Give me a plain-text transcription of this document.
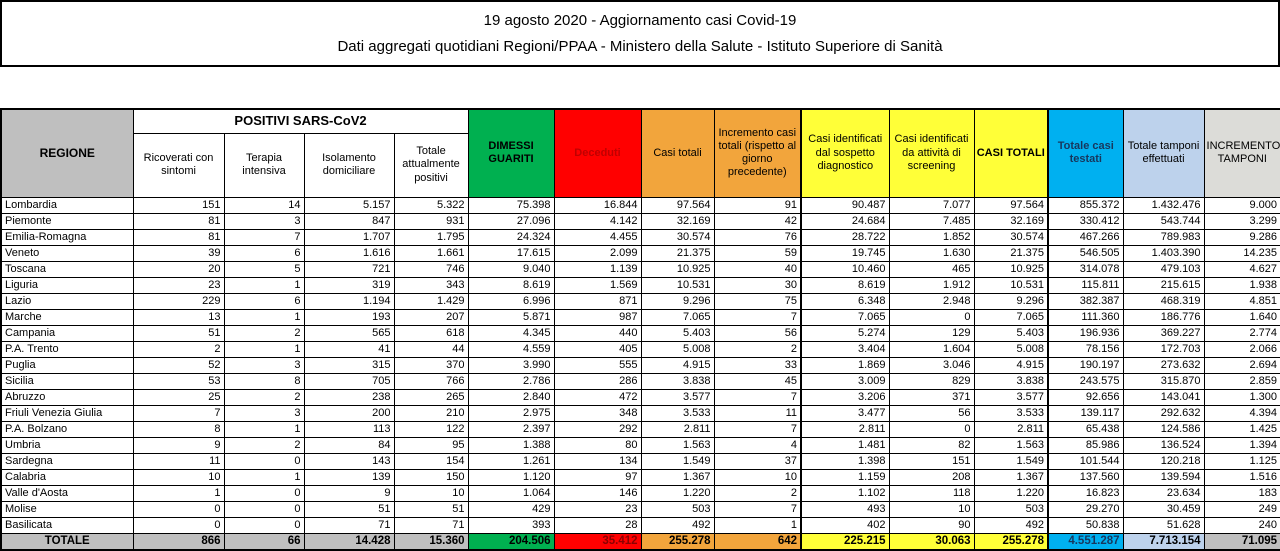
19 agosto 2020 - Aggiornamento casi Covid-19
Dati aggregati quotidiani Regioni/PPAA - Ministero della Salute - Istituto Superiore di Sanità
REGIONE	POSITIVI SARS-CoV2				DIMESSI GUARITI	Deceduti	Casi totali	Incremento casi totali (rispetto al giorno precedente)	Casi identificati dal sospetto diagnostico	Casi identificati da attività di screening	CASI TOTALI	Totale casi testati	Totale tamponi effettuati	INCREMENTO TAMPONI
	Ricoverati con sintomi	Terapia intensiva	Isolamento domiciliare	Totale attualmente positivi										
Lombardia	151	14	5.157	5.322	75.398	16.844	97.564	91	90.487	7.077	97.564	855.372	1.432.476	9.000
Piemonte	81	3	847	931	27.096	4.142	32.169	42	24.684	7.485	32.169	330.412	543.744	3.299
Emilia-Romagna	81	7	1.707	1.795	24.324	4.455	30.574	76	28.722	1.852	30.574	467.266	789.983	9.286
Veneto	39	6	1.616	1.661	17.615	2.099	21.375	59	19.745	1.630	21.375	546.505	1.403.390	14.235
Toscana	20	5	721	746	9.040	1.139	10.925	40	10.460	465	10.925	314.078	479.103	4.627
Liguria	23	1	319	343	8.619	1.569	10.531	30	8.619	1.912	10.531	115.811	215.615	1.938
Lazio	229	6	1.194	1.429	6.996	871	9.296	75	6.348	2.948	9.296	382.387	468.319	4.851
Marche	13	1	193	207	5.871	987	7.065	7	7.065	0	7.065	111.360	186.776	1.640
Campania	51	2	565	618	4.345	440	5.403	56	5.274	129	5.403	196.936	369.227	2.774
P.A. Trento	2	1	41	44	4.559	405	5.008	2	3.404	1.604	5.008	78.156	172.703	2.066
Puglia	52	3	315	370	3.990	555	4.915	33	1.869	3.046	4.915	190.197	273.632	2.694
Sicilia	53	8	705	766	2.786	286	3.838	45	3.009	829	3.838	243.575	315.870	2.859
Abruzzo	25	2	238	265	2.840	472	3.577	7	3.206	371	3.577	92.656	143.041	1.300
Friuli Venezia Giulia	7	3	200	210	2.975	348	3.533	11	3.477	56	3.533	139.117	292.632	4.394
P.A. Bolzano	8	1	113	122	2.397	292	2.811	7	2.811	0	2.811	65.438	124.586	1.425
Umbria	9	2	84	95	1.388	80	1.563	4	1.481	82	1.563	85.986	136.524	1.394
Sardegna	11	0	143	154	1.261	134	1.549	37	1.398	151	1.549	101.544	120.218	1.125
Calabria	10	1	139	150	1.120	97	1.367	10	1.159	208	1.367	137.560	139.594	1.516
Valle d'Aosta	1	0	9	10	1.064	146	1.220	2	1.102	118	1.220	16.823	23.634	183
Molise	0	0	51	51	429	23	503	7	493	10	503	29.270	30.459	249
Basilicata	0	0	71	71	393	28	492	1	402	90	492	50.838	51.628	240
TOTALE	866	66	14.428	15.360	204.506	35.412	255.278	642	225.215	30.063	255.278	4.551.287	7.713.154	71.095
